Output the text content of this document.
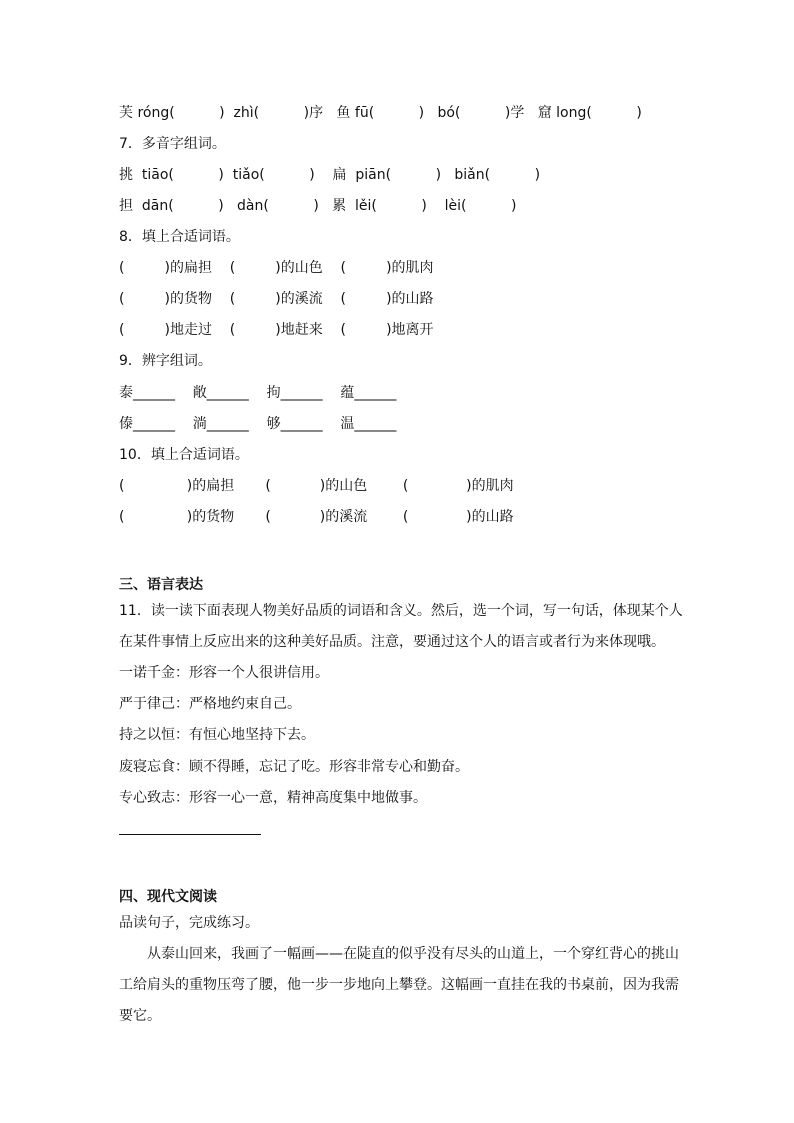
芙 róng(          )  zhì(          )序   鱼 fū(          )   bó(          )学   窟 long(          )
7．多音字组词。
挑  tiāo(          )  tiǎo(          )    扁  piān(          )   biǎn(          )
担  dān(          )   dàn(          )   累  lěi(          )    lèi(          )
8．填上合适词语。
(         )的扁担    (         )的山色    (         )的肌肉
(         )的货物    (         )的溪流    (         )的山路
(         )地走过    (         )地赶来    (         )地离开
9．辨字组词。
泰______    敞______    拘______    蕴______
傣______    淌______    够______    温______
10．填上合适词语。
(              )的扁担       (           )的山色        (             )的肌肉
(              )的货物       (           )的溪流        (             )的山路
三、语言表达
11．读一读下面表现人物美好品质的词语和含义。然后，选一个词，写一句话，体现某个人
在某件事情上反应出来的这种美好品质。注意，要通过这个人的语言或者行为来体现哦。
一诺千金：形容一个人很讲信用。
严于律己：严格地约束自己。
持之以恒：有恒心地坚持下去。
废寝忘食：顾不得睡，忘记了吃。形容非常专心和勤奋。
专心致志：形容一心一意，精神高度集中地做事。
四、现代文阅读
品读句子，完成练习。
从泰山回来，我画了一幅画——在陡直的似乎没有尽头的山道上，一个穿红背心的挑山工给肩头的重物压弯了腰，他一步一步地向上攀登。这幅画一直挂在我的书桌前，因为我需要它。
